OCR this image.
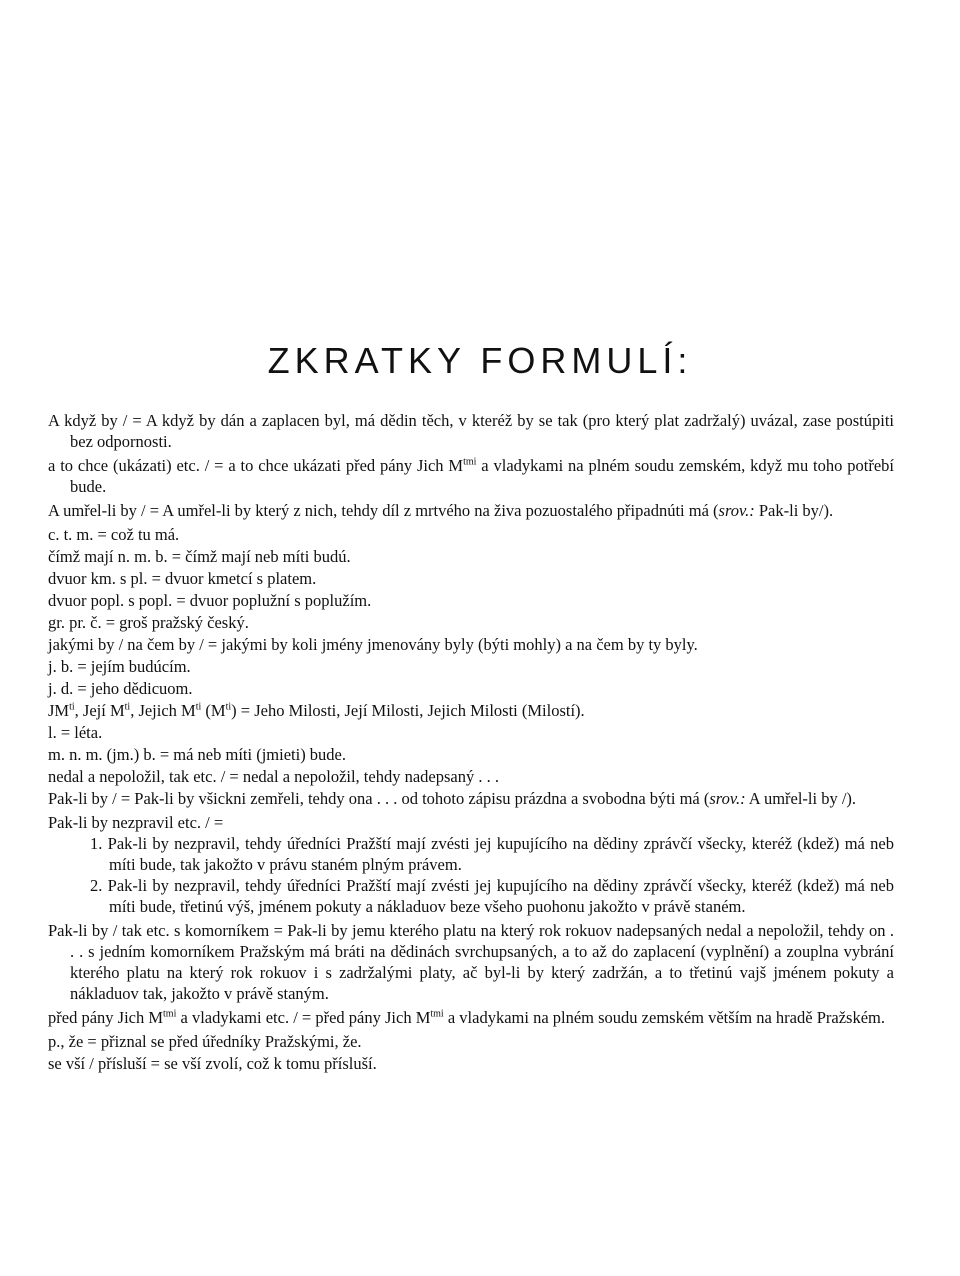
ZKRATKY FORMULÍ:
A když by / = A když by dán a zaplacen byl, má dědin těch, v kteréž by se tak (pro který plat zadržalý) uvázal, zase postúpiti bez odpornosti.
a to chce (ukázati) etc. / = a to chce ukázati před pány Jich $M^{tmi}$ a vladykami na plném soudu zemském, když mu toho potřebí bude.
A umřel-li by / = A umřel-li by který z nich, tehdy díl z mrtvého na živa pozuostalého připadnúti má (srov.: Pak-li by/).
c. t. m. = což tu má.
čímž mají n. m. b. = čímž mají neb míti budú.
dvuor km. s pl. = dvuor kmetcí s platem.
dvuor popl. s popl. = dvuor poplužní s poplužím.
gr. pr. č. = groš pražský český.
jakými by / na čem by / = jakými by koli jmény jmenovány byly (býti mohly) a na čem by ty byly.
j. b. = jejím budúcím.
j. d. = jeho dědicuom.
$JM^{ti}$, Její $M^{ti}$, Jejich $M^{ti}$ $(M^{ti})$ = Jeho Milosti, Její Milosti, Jejich Milosti (Milostí).
l. = léta.
m. n. m. (jm.) b. = má neb míti (jmieti) bude.
nedal a nepoložil, tak etc. / = nedal a nepoložil, tehdy nadepsaný . . .
Pak-li by / = Pak-li by všickni zemřeli, tehdy ona . . . od tohoto zápisu prázdna a svobodna býti má (srov.: A umřel-li by /).
Pak-li by nezpravil etc. / =
1. Pak-li by nezpravil, tehdy úředníci Pražští mají zvésti jej kupujícího na dědiny zprávčí všecky, kteréž (kdež) má neb míti bude, tak jakožto v právu staném plným právem.
2. Pak-li by nezpravil, tehdy úředníci Pražští mají zvésti jej kupujícího na dědiny zprávčí všecky, kteréž (kdež) má neb míti bude, třetinú výš, jménem pokuty a nákladuov beze všeho puohonu jakožto v právě staném.
Pak-li by / tak etc. s komorníkem = Pak-li by jemu kterého platu na který rok rokuov nadepsaných nedal a nepoložil, tehdy on . . . s jedním komorníkem Pražským má bráti na dědinách svrchupsaných, a to až do zaplacení (vyplnění) a zouplna vybrání kterého platu na který rok rokuov i s zadržalými platy, ač byl-li by který zadržán, a to třetinú vajš jménem pokuty a nákladuov tak, jakožto v právě staným.
před pány Jich $M^{tmi}$ a vladykami etc. / = před pány Jich $M^{tmi}$ a vladykami na plném soudu zemském větším na hradě Pražském.
p., že = přiznal se před úředníky Pražskými, že.
se vší / přísluší = se vší zvolí, což k tomu přísluší.
